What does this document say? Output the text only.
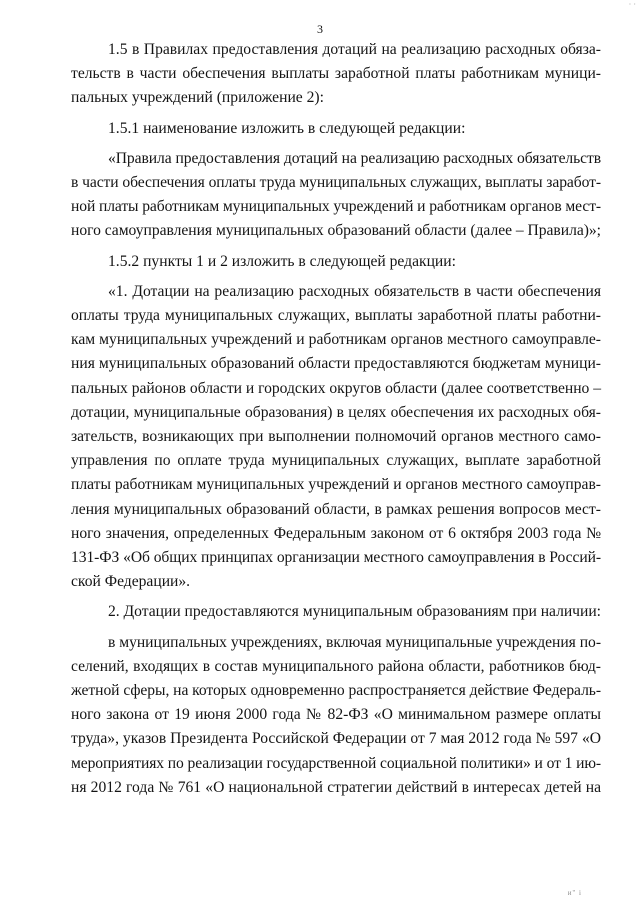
· ·
3

1.5 в Правилах предоставления дотаций на реализацию расходных обяза-
тельств в части обеспечения выплаты заработной платы работникам муници-
пальных учреждений (приложение 2):

1.5.1 наименование изложить в следующей редакции:

«Правила предоставления дотаций на реализацию расходных обязательств
в части обеспечения оплаты труда муниципальных служащих, выплаты заработ-
ной платы работникам муниципальных учреждений и работникам органов мест-
ного самоуправления муниципальных образований области (далее – Правила)»;

1.5.2 пункты 1 и 2 изложить в следующей редакции:

«1. Дотации на реализацию расходных обязательств в части обеспечения
оплаты труда муниципальных служащих, выплаты заработной платы работни-
кам муниципальных учреждений и работникам органов местного самоуправле-
ния муниципальных образований области предоставляются бюджетам муници-
пальных районов области и городских округов области (далее соответственно –
дотации, муниципальные образования) в целях обеспечения их расходных обя-
зательств, возникающих при выполнении полномочий органов местного само-
управления по оплате труда муниципальных служащих, выплате заработной
платы работникам муниципальных учреждений и органов местного самоуправ-
ления муниципальных образований области, в рамках решения вопросов мест-
ного значения, определенных Федеральным законом от 6 октября 2003 года №
131-ФЗ «Об общих принципах организации местного самоуправления в Россий-
ской Федерации».

2. Дотации предоставляются муниципальным образованиям при наличии:

в муниципальных учреждениях, включая муниципальные учреждения по-
селений, входящих в состав муниципального района области, работников бюд-
жетной сферы, на которых одновременно распространяется действие Федераль-
ного закона от 19 июня 2000 года № 82-ФЗ «О минимальном размере оплаты
труда», указов Президента Российской Федерации от 7 мая 2012 года № 597 «О
мероприятиях по реализации государственной социальной политики» и от 1 ию-
ня 2012 года № 761 «О национальной стратегии действий в интересах детей на

и" і
